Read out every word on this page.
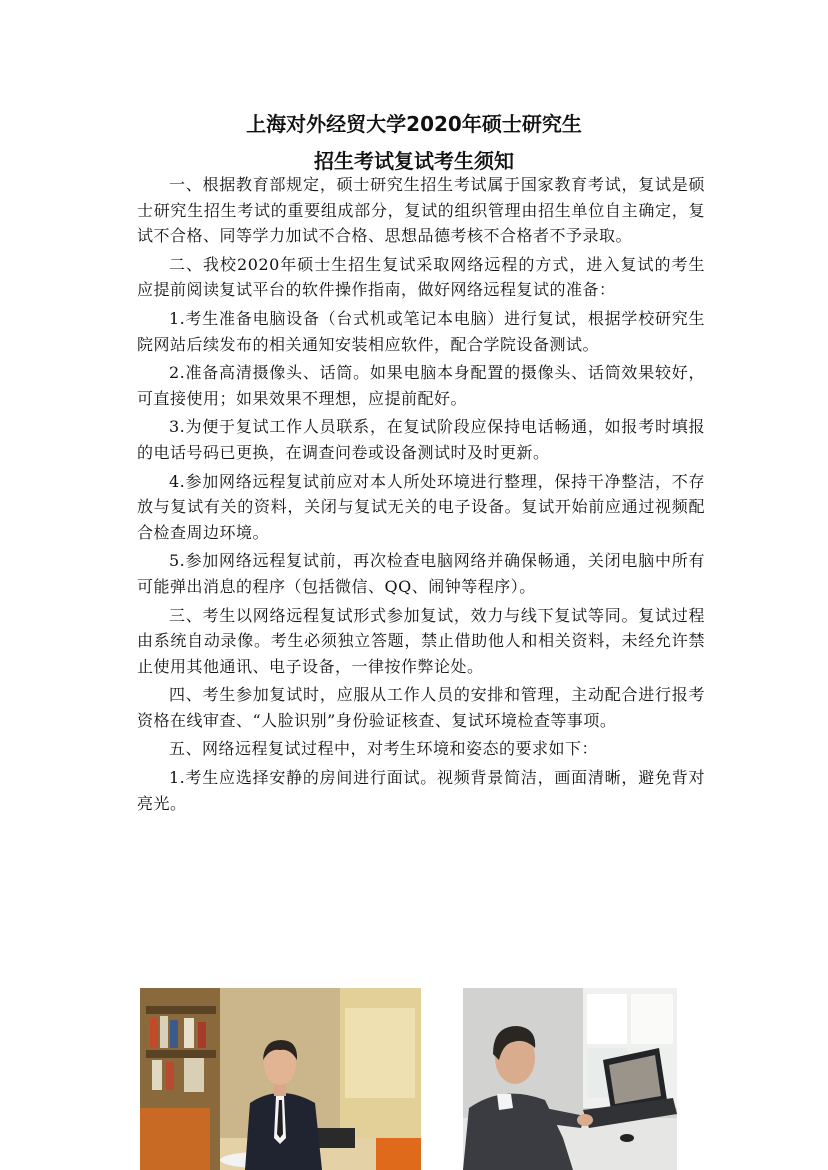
上海对外经贸大学2020年硕士研究生
招生考试复试考生须知

一、根据教育部规定，硕士研究生招生考试属于国家教育考试，复试是硕士研究生招生考试的重要组成部分，复试的组织管理由招生单位自主确定，复试不合格、同等学力加试不合格、思想品德考核不合格者不予录取。

二、我校2020年硕士生招生复试采取网络远程的方式，进入复试的考生应提前阅读复试平台的软件操作指南，做好网络远程复试的准备：

1.考生准备电脑设备（台式机或笔记本电脑）进行复试，根据学校研究生院网站后续发布的相关通知安装相应软件，配合学院设备测试。

2.准备高清摄像头、话筒。如果电脑本身配置的摄像头、话筒效果较好，可直接使用；如果效果不理想，应提前配好。

3.为便于复试工作人员联系，在复试阶段应保持电话畅通，如报考时填报的电话号码已更换，在调查问卷或设备测试时及时更新。

4.参加网络远程复试前应对本人所处环境进行整理，保持干净整洁，不存放与复试有关的资料，关闭与复试无关的电子设备。复试开始前应通过视频配合检查周边环境。

5.参加网络远程复试前，再次检查电脑网络并确保畅通，关闭电脑中所有可能弹出消息的程序（包括微信、QQ、闹钟等程序）。

三、考生以网络远程复试形式参加复试，效力与线下复试等同。复试过程由系统自动录像。考生必须独立答题，禁止借助他人和相关资料，未经允许禁止使用其他通讯、电子设备，一律按作弊论处。

四、考生参加复试时，应服从工作人员的安排和管理，主动配合进行报考资格在线审查、“人脸识别”身份验证核查、复试环境检查等事项。

五、网络远程复试过程中，对考生环境和姿态的要求如下：

1.考生应选择安静的房间进行面试。视频背景简洁，画面清晰，避免背对亮光。
